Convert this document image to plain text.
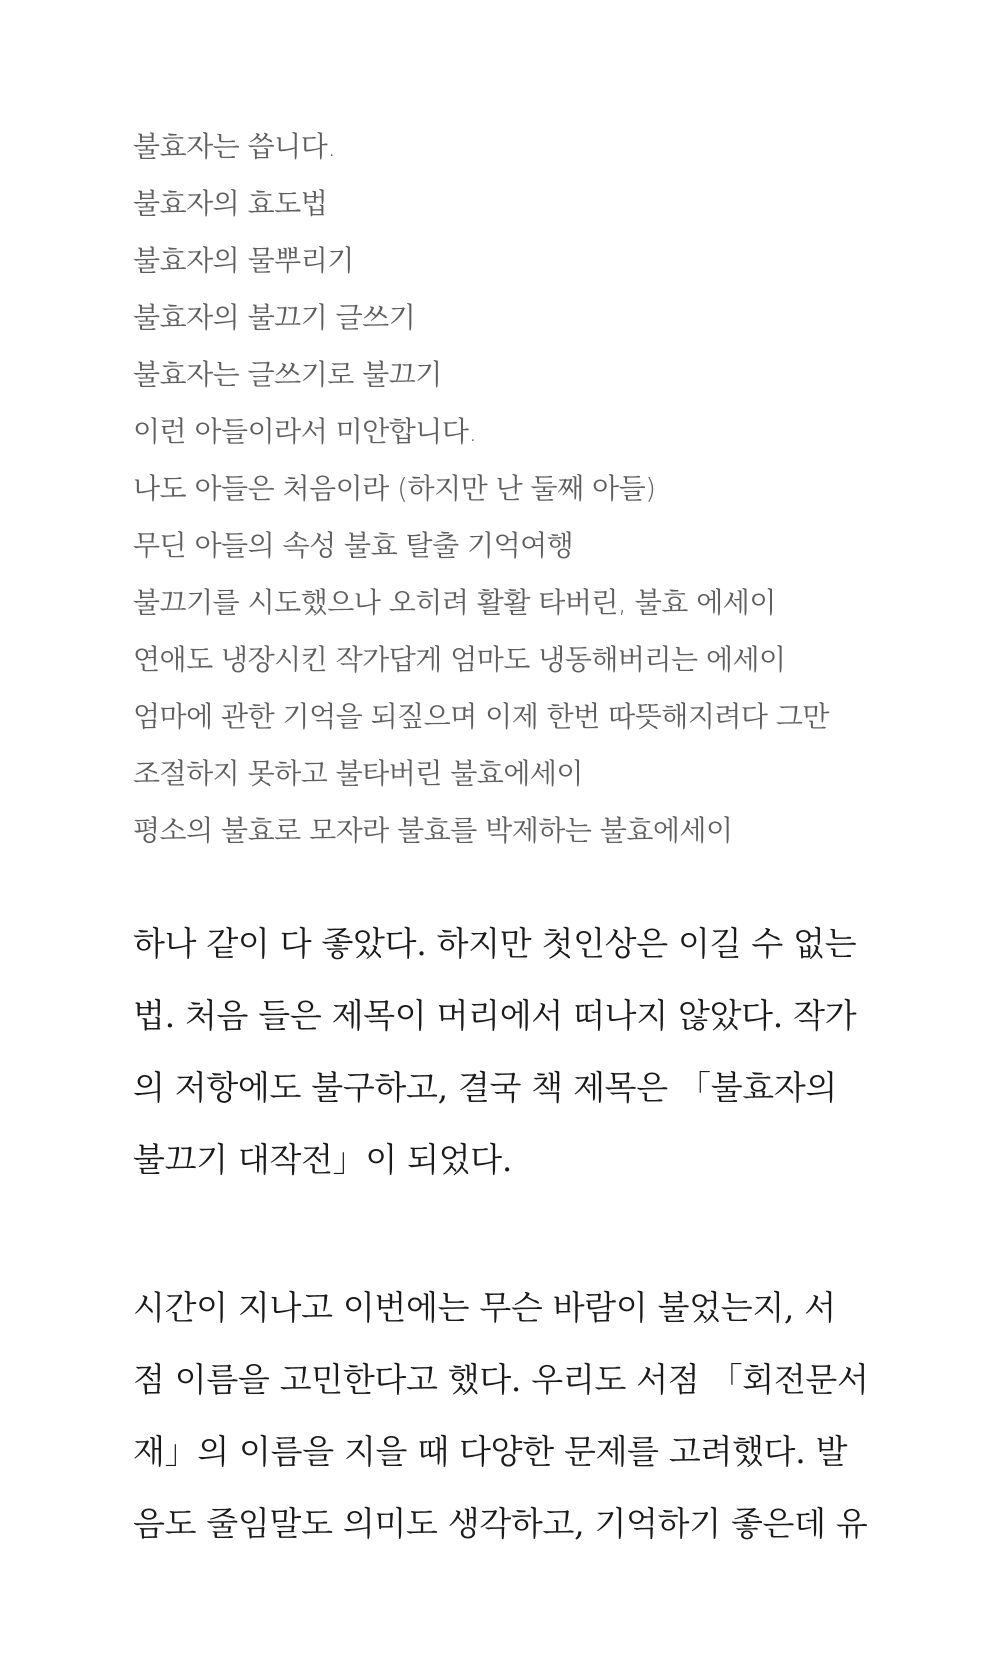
불효자는 씁니다.
불효자의 효도법
불효자의 물뿌리기
불효자의 불끄기 글쓰기
불효자는 글쓰기로 불끄기
이런 아들이라서 미안합니다.
나도 아들은 처음이라 (하지만 난 둘째 아들)
무딘 아들의 속성 불효 탈출 기억여행
불끄기를 시도했으나 오히려 활활 타버린, 불효 에세이
연애도 냉장시킨 작가답게 엄마도 냉동해버리는 에세이
엄마에 관한 기억을 되짚으며 이제 한번 따뜻해지려다 그만
조절하지 못하고 불타버린 불효에세이
평소의 불효로 모자라 불효를 박제하는 불효에세이
하나 같이 다 좋았다. 하지만 첫인상은 이길 수 없는
법. 처음 들은 제목이 머리에서 떠나지 않았다. 작가
의 저항에도 불구하고, 결국 책 제목은 「불효자의
불끄기 대작전」이 되었다.
시간이 지나고 이번에는 무슨 바람이 불었는지, 서
점 이름을 고민한다고 했다. 우리도 서점 「회전문서
재」의 이름을 지을 때 다양한 문제를 고려했다. 발
음도 줄임말도 의미도 생각하고, 기억하기 좋은데 유
